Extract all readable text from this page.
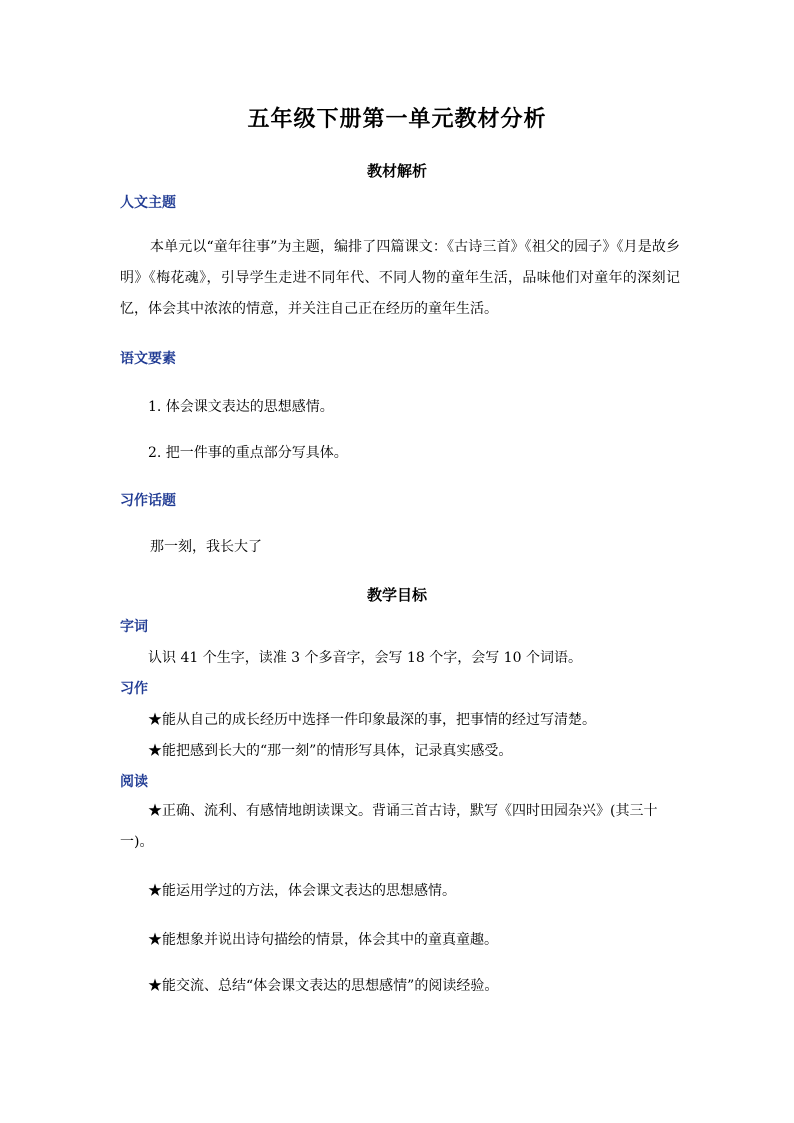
五年级下册第一单元教材分析
教材解析
人文主题
本单元以“童年往事”为主题，编排了四篇课文：《古诗三首》《祖父的园子》《月是故乡明》《梅花魂》，引导学生走进不同年代、不同人物的童年生活，品味他们对童年的深刻记忆，体会其中浓浓的情意，并关注自己正在经历的童年生活。
语文要素
1. 体会课文表达的思想感情。
2. 把一件事的重点部分写具体。
习作话题
那一刻，我长大了
教学目标
字词
认识 41 个生字，读准 3 个多音字，会写 18 个字，会写 10 个词语。
习作
★能从自己的成长经历中选择一件印象最深的事，把事情的经过写清楚。
★能把感到长大的“那一刻”的情形写具体，记录真实感受。
阅读
★正确、流利、有感情地朗读课文。背诵三首古诗，默写《四时田园杂兴》(其三十一)。
★能运用学过的方法，体会课文表达的思想感情。
★能想象并说出诗句描绘的情景，体会其中的童真童趣。
★能交流、总结“体会课文表达的思想感情”的阅读经验。
